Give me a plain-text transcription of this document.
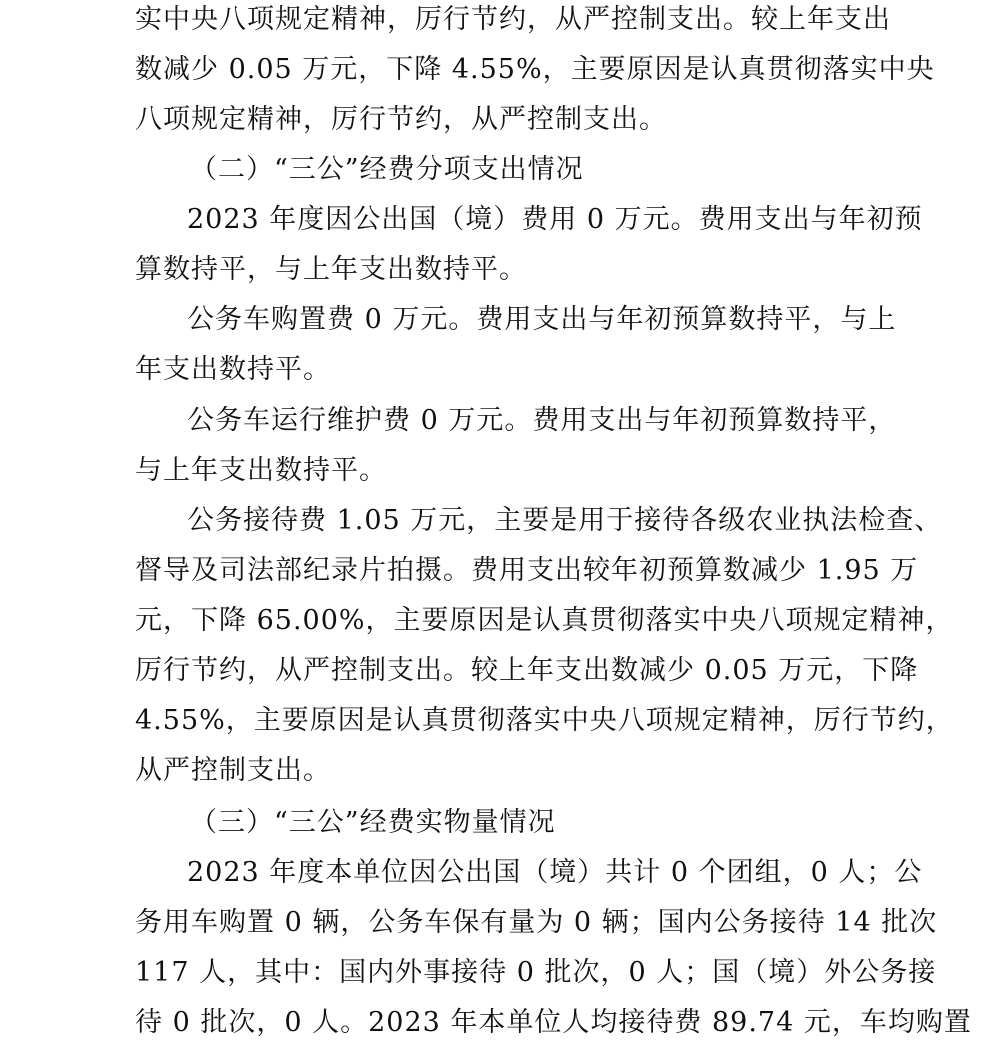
实中央八项规定精神，厉行节约，从严控制支出。较上年支出
数减少 0.05 万元，下降 4.55%，主要原因是认真贯彻落实中央
八项规定精神，厉行节约，从严控制支出。
（二）“三公”经费分项支出情况
2023 年度因公出国（境）费用 0 万元。费用支出与年初预
算数持平，与上年支出数持平。
公务车购置费 0 万元。费用支出与年初预算数持平，与上
年支出数持平。
公务车运行维护费 0 万元。费用支出与年初预算数持平，
与上年支出数持平。
公务接待费 1.05 万元，主要是用于接待各级农业执法检查、
督导及司法部纪录片拍摄。费用支出较年初预算数减少 1.95 万
元，下降 65.00%，主要原因是认真贯彻落实中央八项规定精神，
厉行节约，从严控制支出。较上年支出数减少 0.05 万元，下降
4.55%，主要原因是认真贯彻落实中央八项规定精神，厉行节约，
从严控制支出。
（三）“三公”经费实物量情况
2023 年度本单位因公出国（境）共计 0 个团组，0 人；公
务用车购置 0 辆，公务车保有量为 0 辆；国内公务接待 14 批次
117 人，其中：国内外事接待 0 批次，0 人；国（境）外公务接
待 0 批次，0 人。2023 年本单位人均接待费 89.74 元，车均购置
